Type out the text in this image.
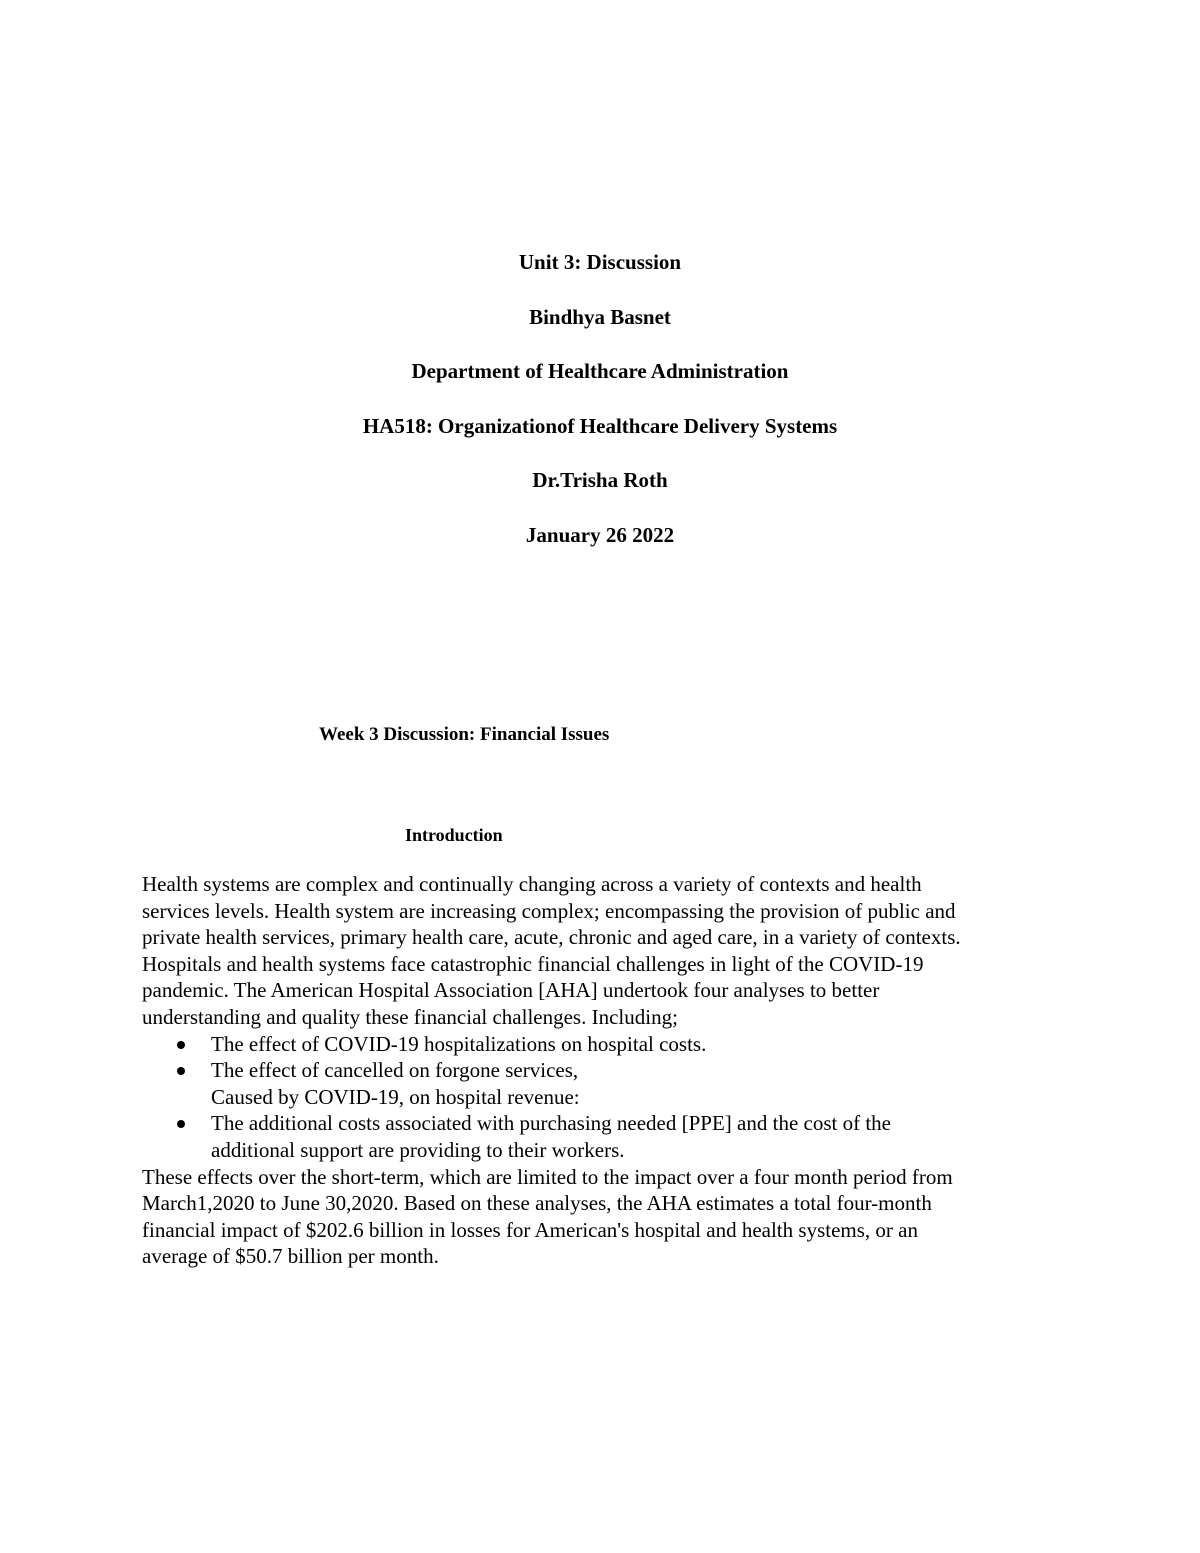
Unit 3: Discussion
Bindhya Basnet
Department of Healthcare Administration
HA518: Organizationof Healthcare Delivery Systems
Dr.Trisha Roth
January 26 2022
Week 3 Discussion: Financial Issues
Introduction
Health systems are complex and continually changing across a variety of contexts and health
services levels. Health system are increasing complex; encompassing the provision of public and
private health services, primary health care, acute, chronic and aged care, in a variety of contexts.
Hospitals and health systems face catastrophic financial challenges in light of the COVID-19
pandemic. The American Hospital Association [AHA] undertook four analyses to better
understanding and quality these financial challenges. Including;
The effect of COVID-19 hospitalizations on hospital costs.
The effect of cancelled on forgone services,
Caused by COVID-19, on hospital revenue:
The additional costs associated with purchasing needed [PPE] and the cost of the
additional support are providing to their workers.
These effects over the short-term, which are limited to the impact over a four month period from
March1,2020 to June 30,2020. Based on these analyses, the AHA estimates a total four-month
financial impact of $202.6 billion in losses for American's hospital and health systems, or an
average of $50.7 billion per month.
